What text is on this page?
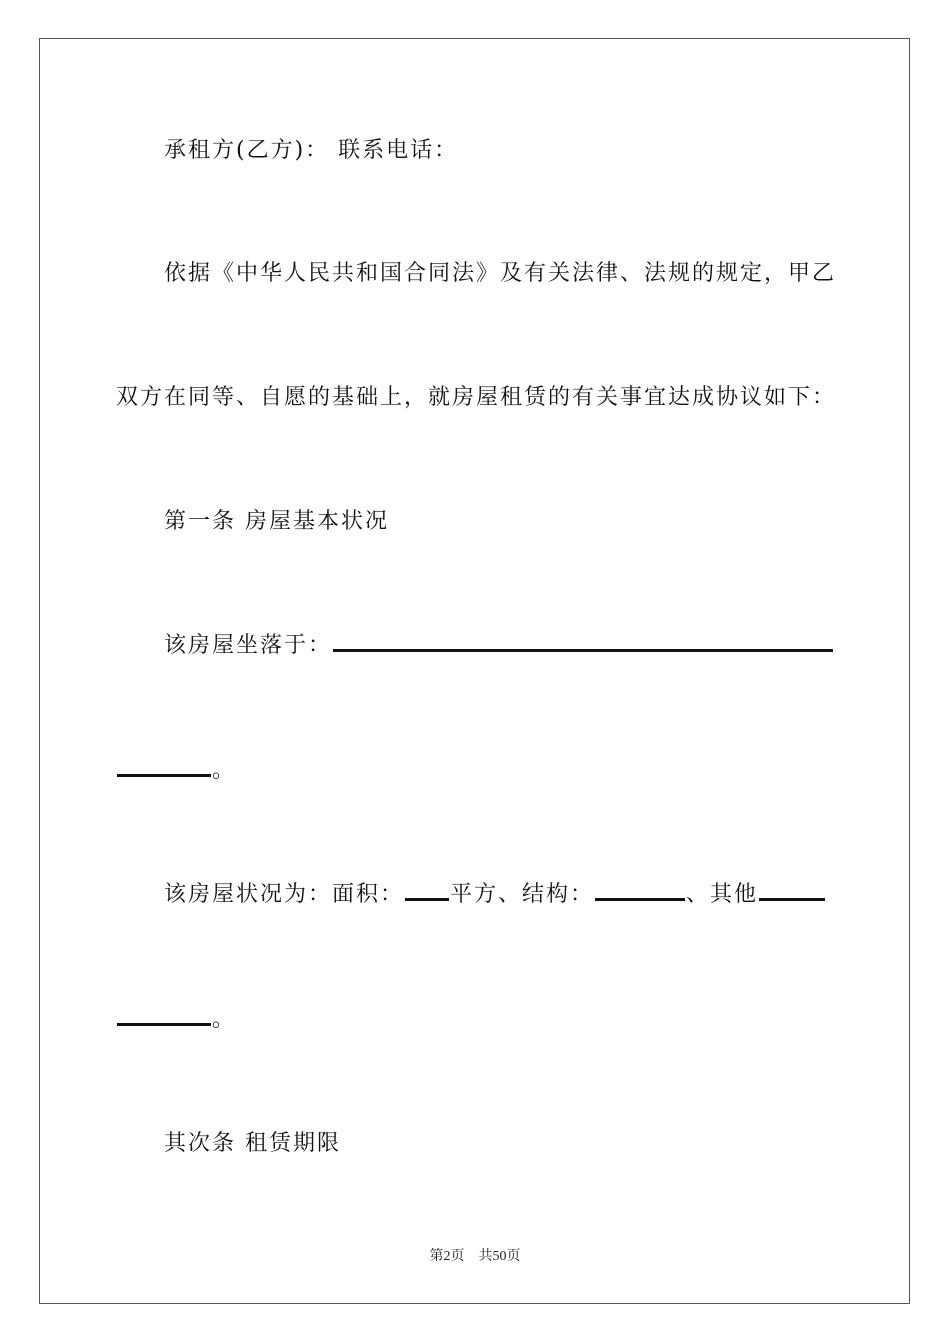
承租方(乙方)： 联系电话：
依据《中华人民共和国合同法》及有关法律、法规的规定，甲乙
双方在同等、自愿的基础上，就房屋租赁的有关事宜达成协议如下：
第一条 房屋基本状况
该房屋坐落于：
。
该房屋状况为：面积： 平方、结构：	、其他
。
其次条 租赁期限
第2页　共50页
